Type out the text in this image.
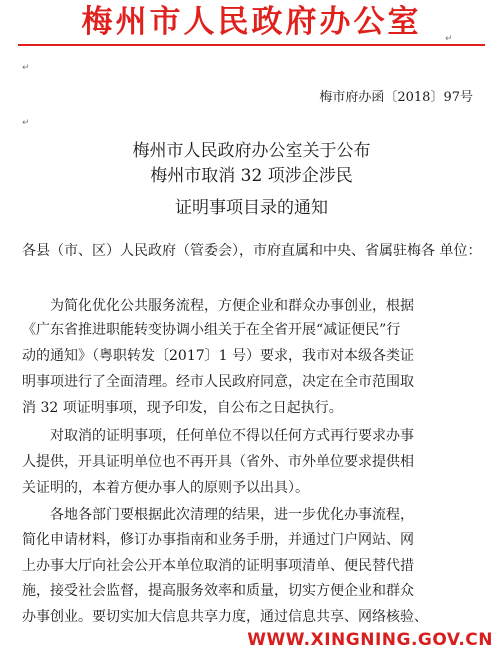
梅州市人民政府办公室	↵
↵
梅市府办函〔2018〕97号
↵
梅州市人民政府办公室关于公布
梅州市取消 32 项涉企涉民
证明事项目录的通知
各县（市、区）人民政府（管委会），市府直属和中央、省属驻梅各 单位：
为简化优化公共服务流程，方便企业和群众办事创业，根据
《广东省推进职能转变协调小组关于在全省开展“减证便民”行
动的通知》（粤职转发〔2017〕1 号）要求，我市对本级各类证
明事项进行了全面清理。经市人民政府同意，决定在全市范围取
消 32 项证明事项，现予印发，自公布之日起执行。
对取消的证明事项，任何单位不得以任何方式再行要求办事
人提供，开具证明单位也不再开具（省外、市外单位要求提供相
关证明的，本着方便办事人的原则予以出具）。
各地各部门要根据此次清理的结果，进一步优化办事流程，
简化申请材料，修订办事指南和业务手册，并通过门户网站、网
上办事大厅向社会公开本单位取消的证明事项清单、便民替代措
施，接受社会监督，提高服务效率和质量，切实方便企业和群众
办事创业。要切实加大信息共享力度，通过信息共享、网络核验、
WWW.XINGNING.GOV.CN
